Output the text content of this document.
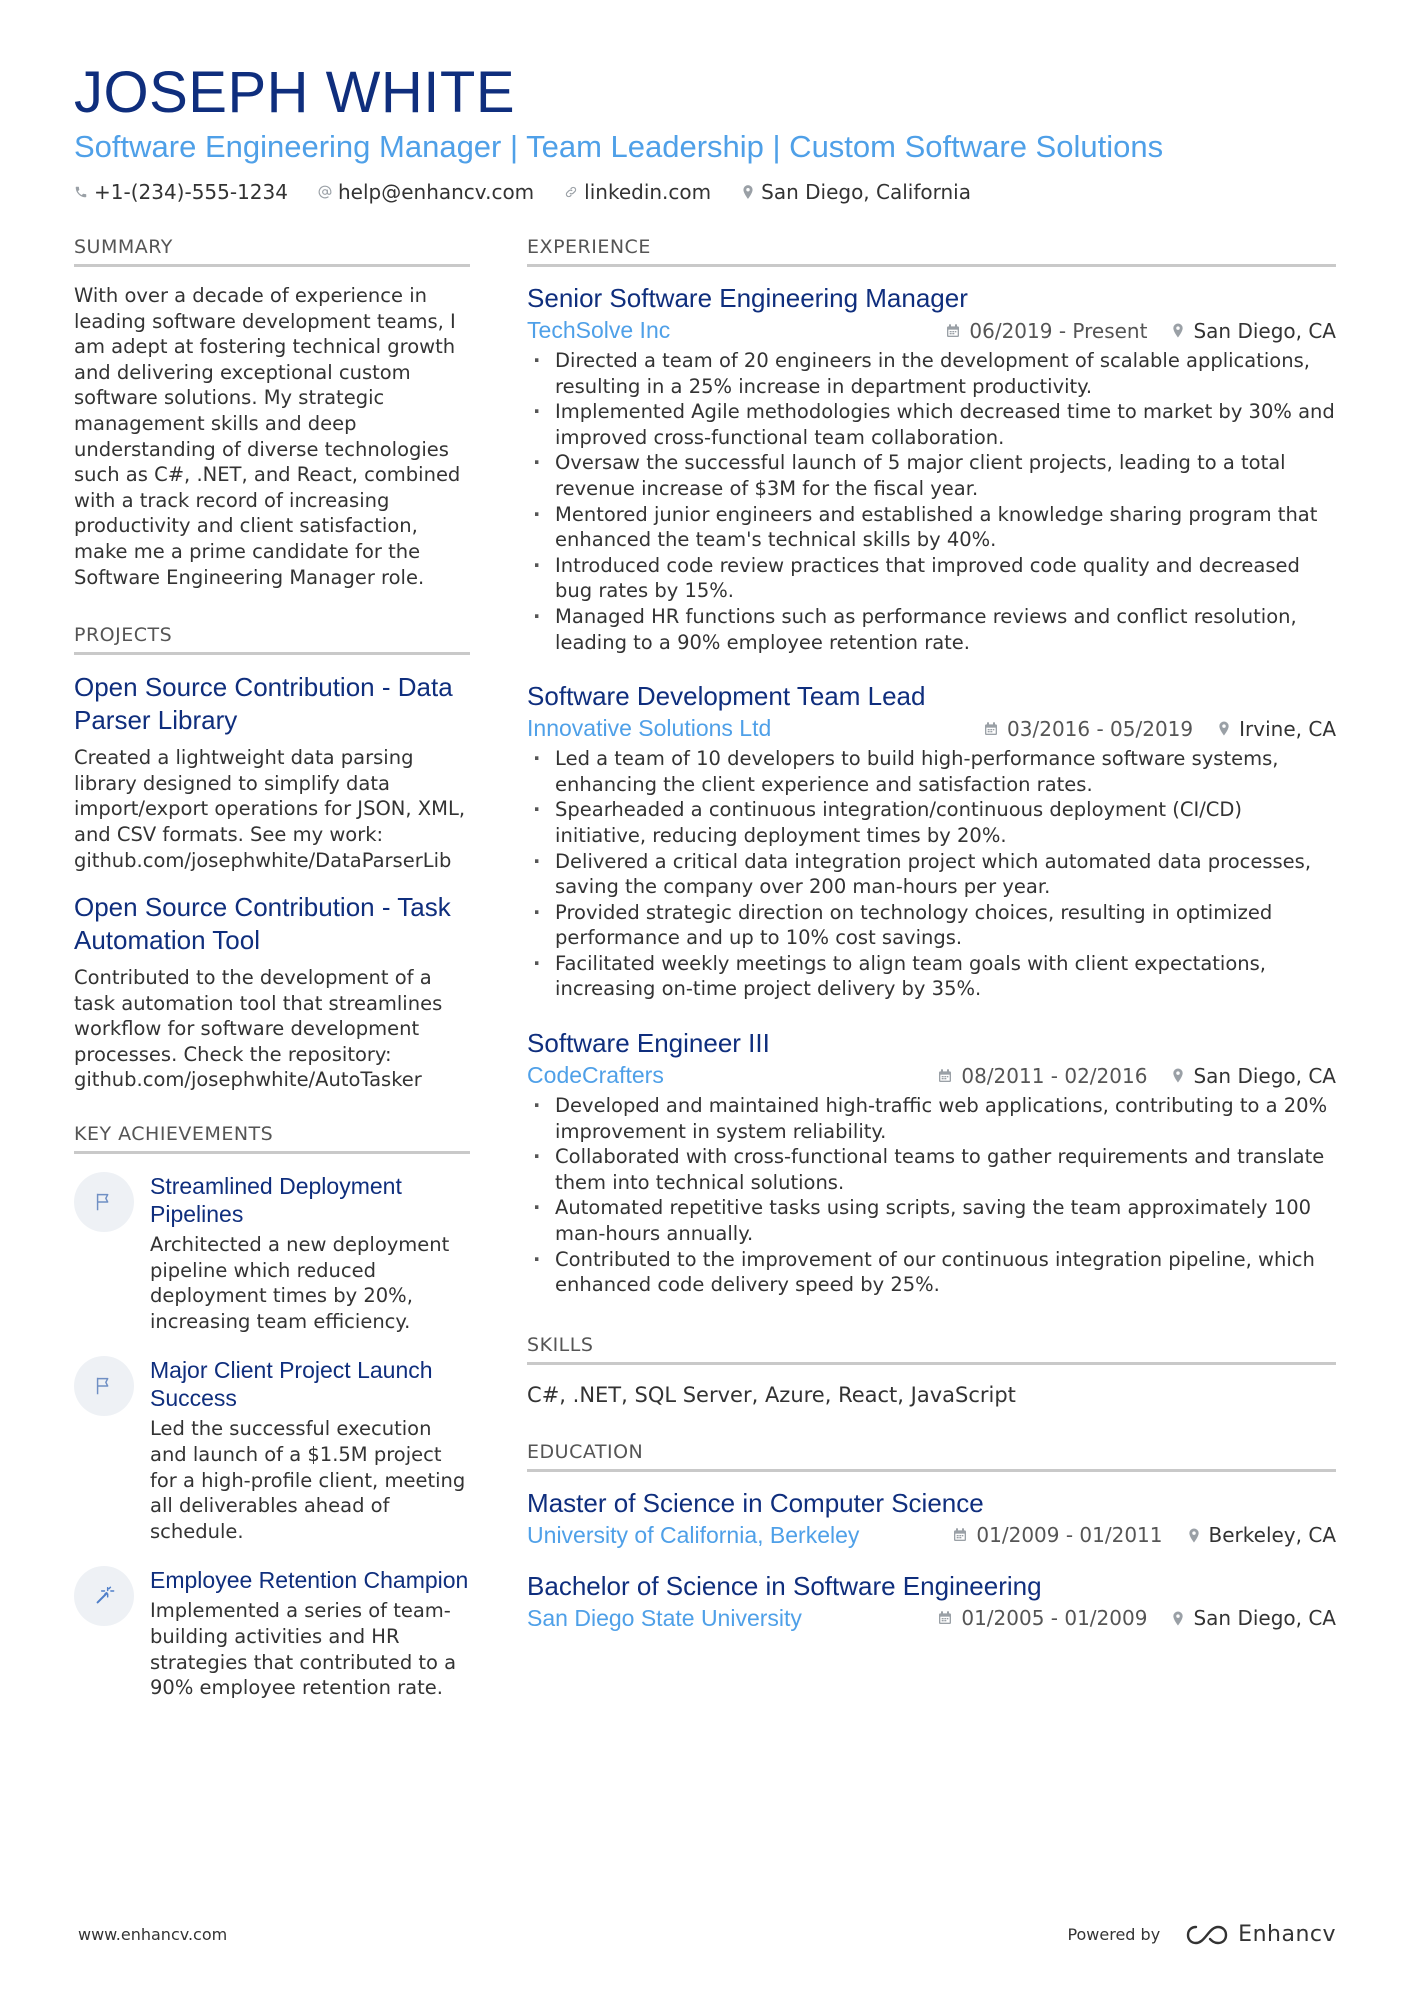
JOSEPH WHITE
Software Engineering Manager | Team Leadership | Custom Software Solutions
+1-(234)-555-1234	help@enhancv.com	linkedin.com	San Diego, California
SUMMARY
With over a decade of experience in leading software development teams, I am adept at fostering technical growth and delivering exceptional custom software solutions. My strategic management skills and deep understanding of diverse technologies such as C#, .NET, and React, combined with a track record of increasing productivity and client satisfaction, make me a prime candidate for the Software Engineering Manager role.
PROJECTS
Open Source Contribution - Data Parser Library
Created a lightweight data parsing library designed to simplify data import/export operations for JSON, XML, and CSV formats. See my work: github.com/josephwhite/DataParserLib
Open Source Contribution - Task Automation Tool
Contributed to the development of a task automation tool that streamlines workflow for software development processes. Check the repository: github.com/josephwhite/AutoTasker
KEY ACHIEVEMENTS
Streamlined Deployment Pipelines
Architected a new deployment pipeline which reduced deployment times by 20%, increasing team efficiency.
Major Client Project Launch Success
Led the successful execution and launch of a $1.5M project for a high-profile client, meeting all deliverables ahead of schedule.
Employee Retention Champion
Implemented a series of team-building activities and HR strategies that contributed to a 90% employee retention rate.
EXPERIENCE
Senior Software Engineering Manager
TechSolve Inc	06/2019 - Present San Diego, CA
· Directed a team of 20 engineers in the development of scalable applications, resulting in a 25% increase in department productivity.
· Implemented Agile methodologies which decreased time to market by 30% and improved cross-functional team collaboration.
· Oversaw the successful launch of 5 major client projects, leading to a total revenue increase of $3M for the fiscal year.
· Mentored junior engineers and established a knowledge sharing program that enhanced the team's technical skills by 40%.
· Introduced code review practices that improved code quality and decreased bug rates by 15%.
· Managed HR functions such as performance reviews and conflict resolution, leading to a 90% employee retention rate.
Software Development Team Lead
Innovative Solutions Ltd	03/2016 - 05/2019 Irvine, CA
· Led a team of 10 developers to build high-performance software systems, enhancing the client experience and satisfaction rates.
· Spearheaded a continuous integration/continuous deployment (CI/CD) initiative, reducing deployment times by 20%.
· Delivered a critical data integration project which automated data processes, saving the company over 200 man-hours per year.
· Provided strategic direction on technology choices, resulting in optimized performance and up to 10% cost savings.
· Facilitated weekly meetings to align team goals with client expectations, increasing on-time project delivery by 35%.
Software Engineer III
CodeCrafters	08/2011 - 02/2016 San Diego, CA
· Developed and maintained high-traffic web applications, contributing to a 20% improvement in system reliability.
· Collaborated with cross-functional teams to gather requirements and translate them into technical solutions.
· Automated repetitive tasks using scripts, saving the team approximately 100 man-hours annually.
· Contributed to the improvement of our continuous integration pipeline, which enhanced code delivery speed by 25%.
SKILLS
C#, .NET, SQL Server, Azure, React, JavaScript
EDUCATION
Master of Science in Computer Science
University of California, Berkeley	01/2009 - 01/2011 Berkeley, CA
Bachelor of Science in Software Engineering
San Diego State University	01/2005 - 01/2009 San Diego, CA
www.enhancv.com	Powered by	Enhancv
